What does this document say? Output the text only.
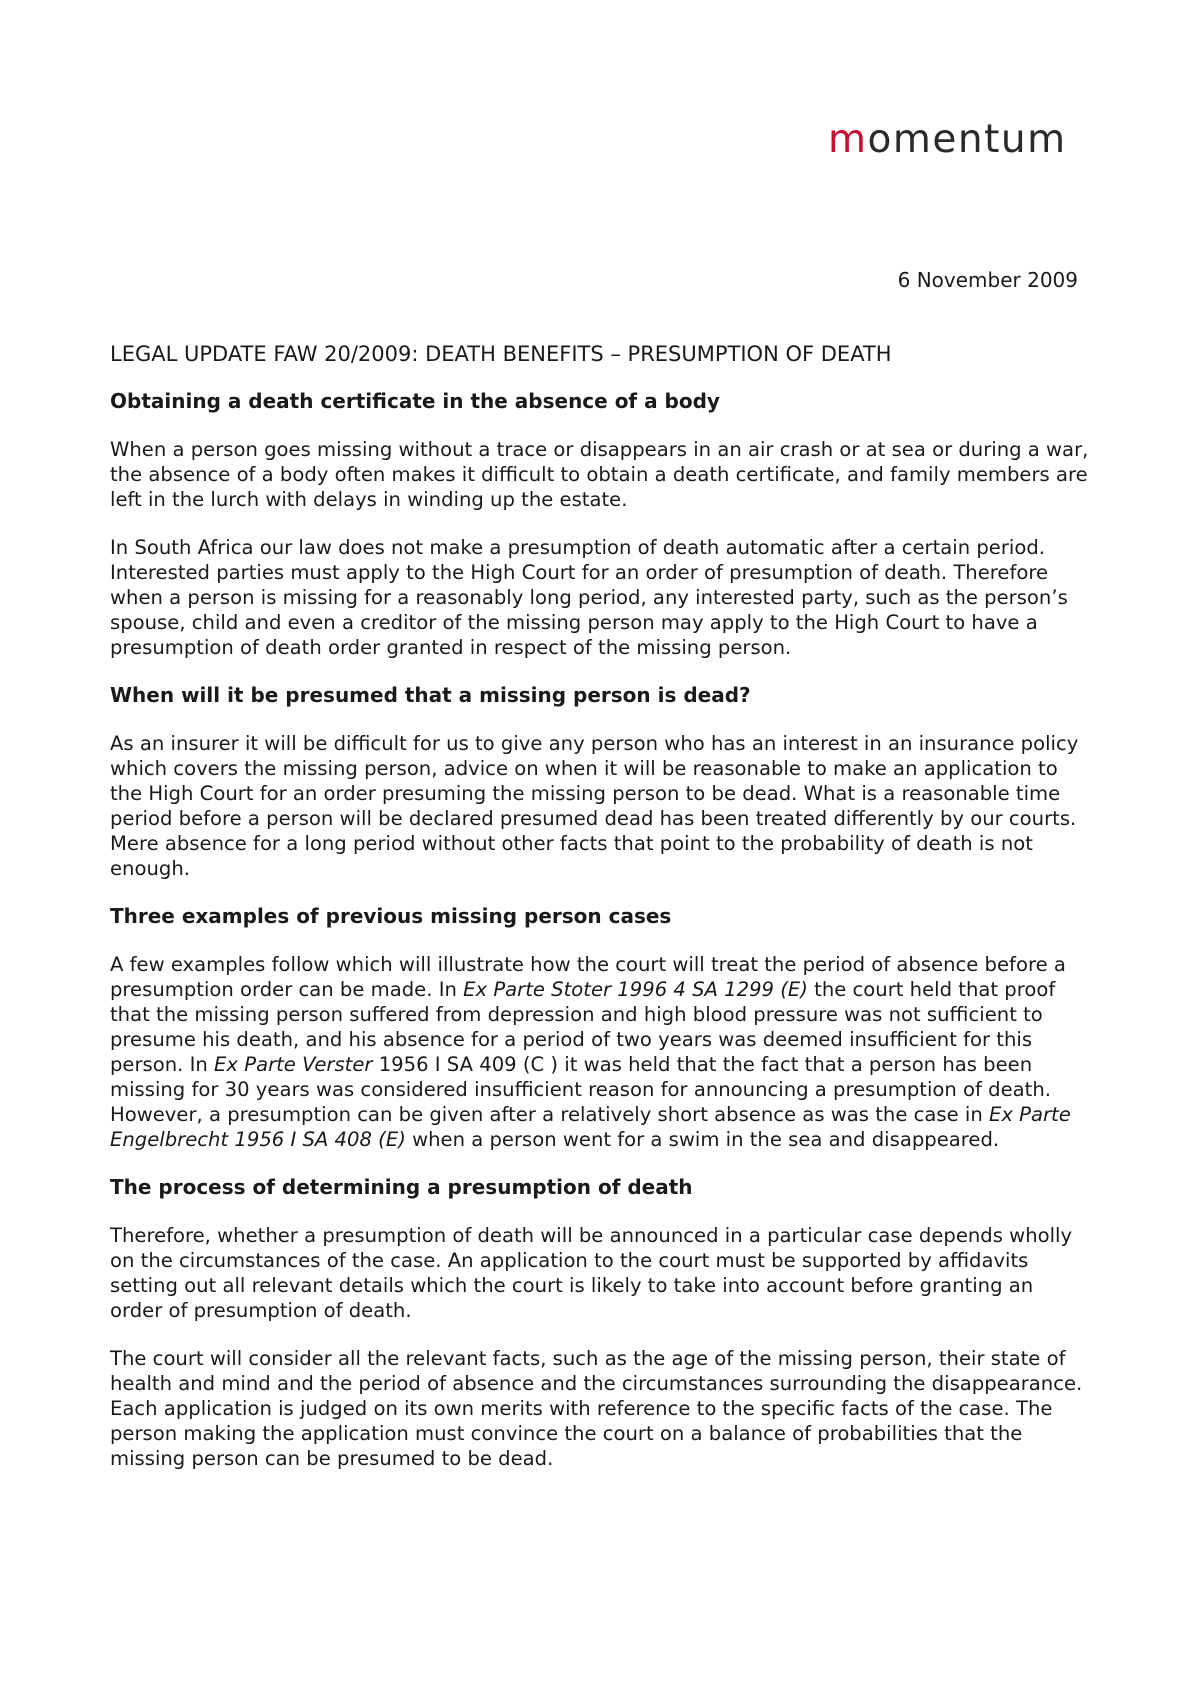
momentum
6 November 2009
LEGAL UPDATE FAW 20/2009: DEATH BENEFITS – PRESUMPTION OF DEATH
Obtaining a death certificate in the absence of a body

When a person goes missing without a trace or disappears in an air crash or at sea or during a war, the absence of a body often makes it difficult to obtain a death certificate, and family members are left in the lurch with delays in winding up the estate.

In South Africa our law does not make a presumption of death automatic after a certain period. Interested parties must apply to the High Court for an order of presumption of death. Therefore when a person is missing for a reasonably long period, any interested party, such as the person’s spouse, child and even a creditor of the missing person may apply to the High Court to have a presumption of death order granted in respect of the missing person.

When will it be presumed that a missing person is dead?

As an insurer it will be difficult for us to give any person who has an interest in an insurance policy which covers the missing person, advice on when it will be reasonable to make an application to the High Court for an order presuming the missing person to be dead. What is a reasonable time period before a person will be declared presumed dead has been treated differently by our courts. Mere absence for a long period without other facts that point to the probability of death is not enough.

Three examples of previous missing person cases

A few examples follow which will illustrate how the court will treat the period of absence before a presumption order can be made. In Ex Parte Stoter 1996 4 SA 1299 (E) the court held that proof that the missing person suffered from depression and high blood pressure was not sufficient to presume his death, and his absence for a period of two years was deemed insufficient for this person. In Ex Parte Verster 1956 I SA 409 (C ) it was held that the fact that a person has been missing for 30 years was considered insufficient reason for announcing a presumption of death. However, a presumption can be given after a relatively short absence as was the case in Ex Parte Engelbrecht 1956 I SA 408 (E) when a person went for a swim in the sea and disappeared.

The process of determining a presumption of death

Therefore, whether a presumption of death will be announced in a particular case depends wholly on the circumstances of the case. An application to the court must be supported by affidavits setting out all relevant details which the court is likely to take into account before granting an order of presumption of death.

The court will consider all the relevant facts, such as the age of the missing person, their state of health and mind and the period of absence and the circumstances surrounding the disappearance. Each application is judged on its own merits with reference to the specific facts of the case. The person making the application must convince the court on a balance of probabilities that the missing person can be presumed to be dead.
